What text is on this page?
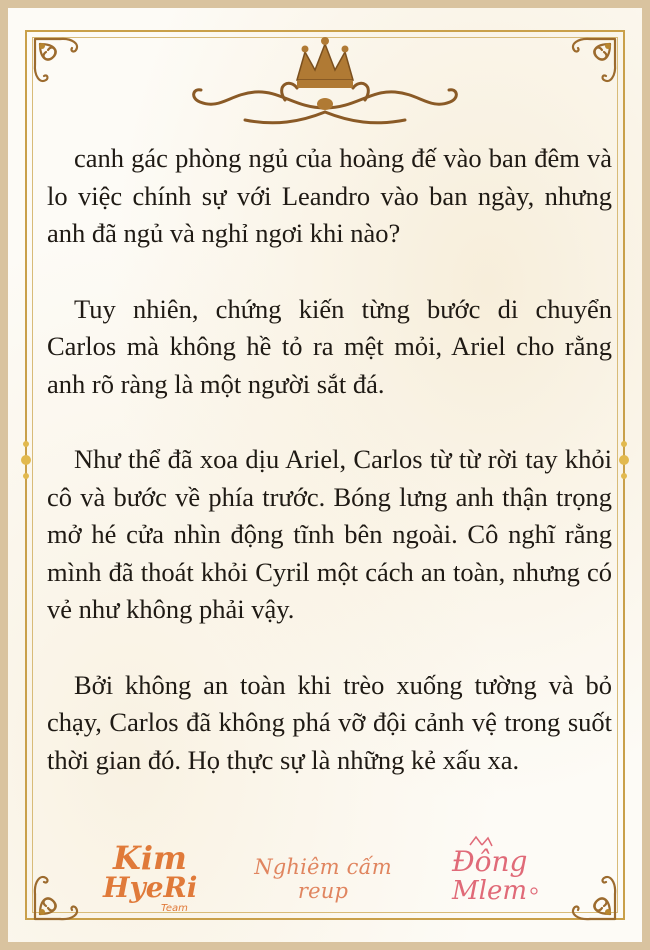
canh gác phòng ngủ của hoàng đế vào ban đêm và lo việc chính sự với Leandro vào ban ngày, nhưng anh đã ngủ và nghỉ ngơi khi nào?

Tuy nhiên, chứng kiến từng bước di chuyển Carlos mà không hề tỏ ra mệt mỏi, Ariel cho rằng anh rõ ràng là một người sắt đá.

Như thể đã xoa dịu Ariel, Carlos từ từ rời tay khỏi cô và bước về phía trước. Bóng lưng anh thận trọng mở hé cửa nhìn động tĩnh bên ngoài. Cô nghĩ rằng mình đã thoát khỏi Cyril một cách an toàn, nhưng có vẻ như không phải vậy.

Bởi không an toàn khi trèo xuống tường và bỏ chạy, Carlos đã không phá vỡ đội cảnh vệ trong suốt thời gian đó. Họ thực sự là những kẻ xấu xa.

Kim
HyeRi
Team
Nghiêm cấm reup
Đông
Mlem
